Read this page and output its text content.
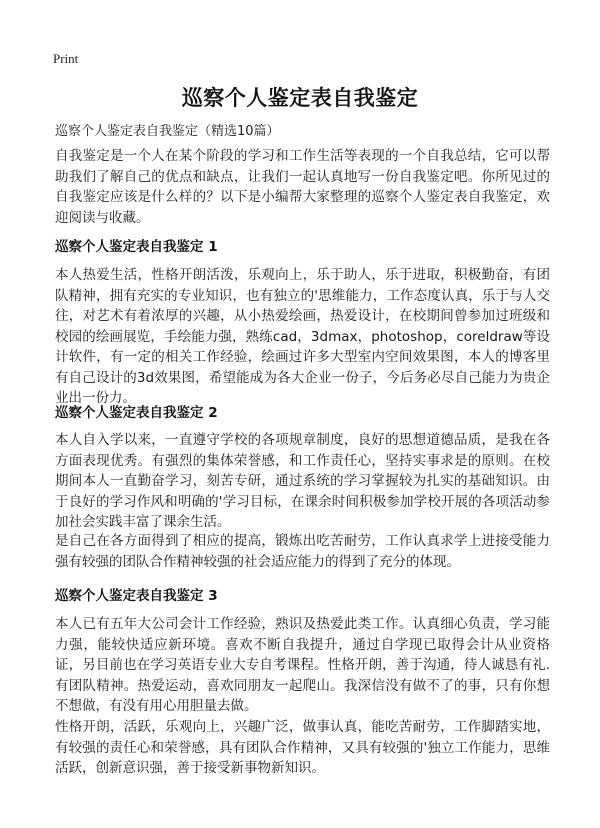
Print
巡察个人鉴定表自我鉴定
巡察个人鉴定表自我鉴定（精选10篇）
自我鉴定是一个人在某个阶段的学习和工作生活等表现的一个自我总结，它可以帮助我们了解自己的优点和缺点，让我们一起认真地写一份自我鉴定吧。你所见过的自我鉴定应该是什么样的？以下是小编帮大家整理的巡察个人鉴定表自我鉴定，欢迎阅读与收藏。
巡察个人鉴定表自我鉴定 1
本人热爱生活，性格开朗活泼，乐观向上，乐于助人，乐于进取，积极勤奋，有团队精神，拥有充实的专业知识，也有独立的'思维能力，工作态度认真，乐于与人交往，对艺术有着浓厚的兴趣，从小热爱绘画，热爱设计，在校期间曾参加过班级和校园的绘画展览，手绘能力强，熟练cad，3dmax，photoshop，coreldraw等设计软件，有一定的相关工作经验，绘画过许多大型室内空间效果图，本人的博客里有自己设计的3d效果图，希望能成为各大企业一份子，今后务必尽自己能力为贵企业出一份力。
巡察个人鉴定表自我鉴定 2
本人自入学以来，一直遵守学校的各项规章制度，良好的思想道德品质，是我在各方面表现优秀。有强烈的集体荣誉感，和工作责任心，坚持实事求是的原则。在校期间本人一直勤奋学习，刻苦专研，通过系统的学习掌握较为扎实的基础知识。由于良好的学习作风和明确的'学习目标，在课余时间积极参加学校开展的各项活动参加社会实践丰富了课余生活。
是自己在各方面得到了相应的提高，锻炼出吃苦耐劳，工作认真求学上进接受能力强有较强的团队合作精神较强的社会适应能力的得到了充分的体现。
巡察个人鉴定表自我鉴定 3
本人已有五年大公司会计工作经验，熟识及热爱此类工作。认真细心负责，学习能力强，能较快适应新环境。喜欢不断自我提升，通过自学现已取得会计从业资格证，另目前也在学习英语专业大专自考课程。性格开朗，善于沟通，待人诚恳有礼.有团队精神。热爱运动，喜欢同朋友一起爬山。我深信没有做不了的事，只有你想不想做，有没有用心用胆量去做。
性格开朗，活跃，乐观向上，兴趣广泛，做事认真，能吃苦耐劳，工作脚踏实地，有较强的责任心和荣誉感，具有团队合作精神，又具有较强的'独立工作能力，思维活跃，创新意识强，善于接受新事物新知识。
